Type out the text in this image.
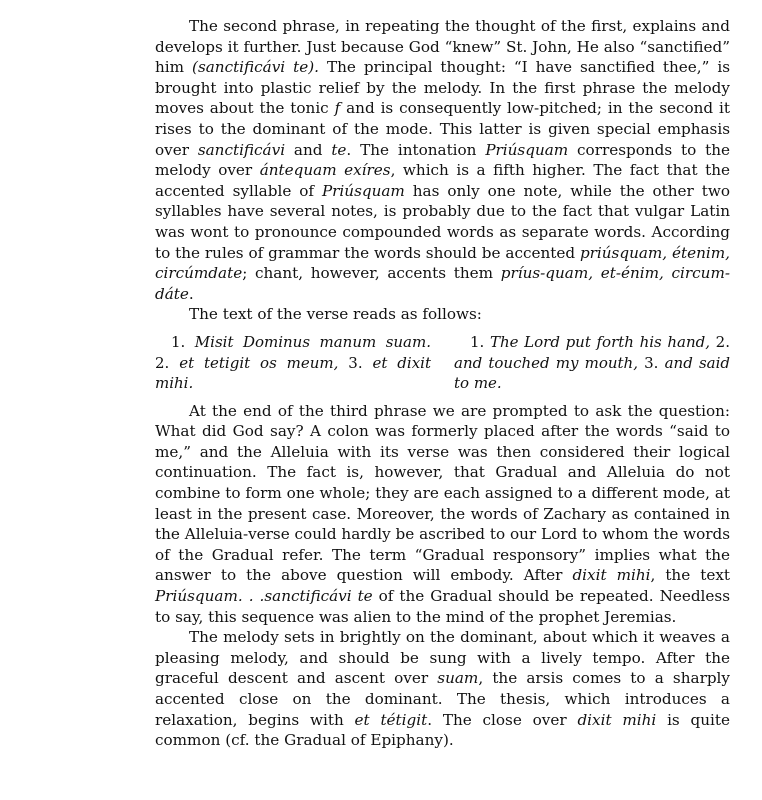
The second phrase, in repeating the thought of the first, explains and develops it further. Just because God “knew” St. John, He also “sanctified” him (sanctificávi te). The principal thought: “I have sanctified thee,” is brought into plastic relief by the melody. In the first phrase the melody moves about the tonic f and is consequently low-pitched; in the second it rises to the dominant of the mode. This latter is given special emphasis over sanctificávi and te. The intonation Priúsquam corresponds to the melody over ántequam exíres, which is a fifth higher. The fact that the accented syllable of Priúsquam has only one note, while the other two syllables have several notes, is probably due to the fact that vulgar Latin was wont to pronounce compounded words as separate words. According to the rules of grammar the words should be accented priúsquam, étenim, circúmdate; chant, however, accents them príus-quam, et-énim, circum-dáte.

The text of the verse reads as follows:

1. Misit Dominus manum suam. 2. et tetigit os meum, 3. et dixit mihi.
1. The Lord put forth his hand, 2. and touched my mouth, 3. and said to me.

At the end of the third phrase we are prompted to ask the question: What did God say? A colon was formerly placed after the words “said to me,” and the Alleluia with its verse was then considered their logical continuation. The fact is, however, that Gradual and Alleluia do not combine to form one whole; they are each assigned to a different mode, at least in the present case. Moreover, the words of Zachary as contained in the Alleluia-verse could hardly be ascribed to our Lord to whom the words of the Gradual refer. The term “Gradual responsory” implies what the answer to the above question will embody. After dixit mihi, the text Priúsquam. . .sanctificávi te of the Gradual should be repeated. Needless to say, this sequence was alien to the mind of the prophet Jeremias.

The melody sets in brightly on the dominant, about which it weaves a pleasing melody, and should be sung with a lively tempo. After the graceful descent and ascent over suam, the arsis comes to a sharply accented close on the dominant. The thesis, which introduces a relaxation, begins with et tétigit. The close over dixit mihi is quite common (cf. the Gradual of Epiphany).
